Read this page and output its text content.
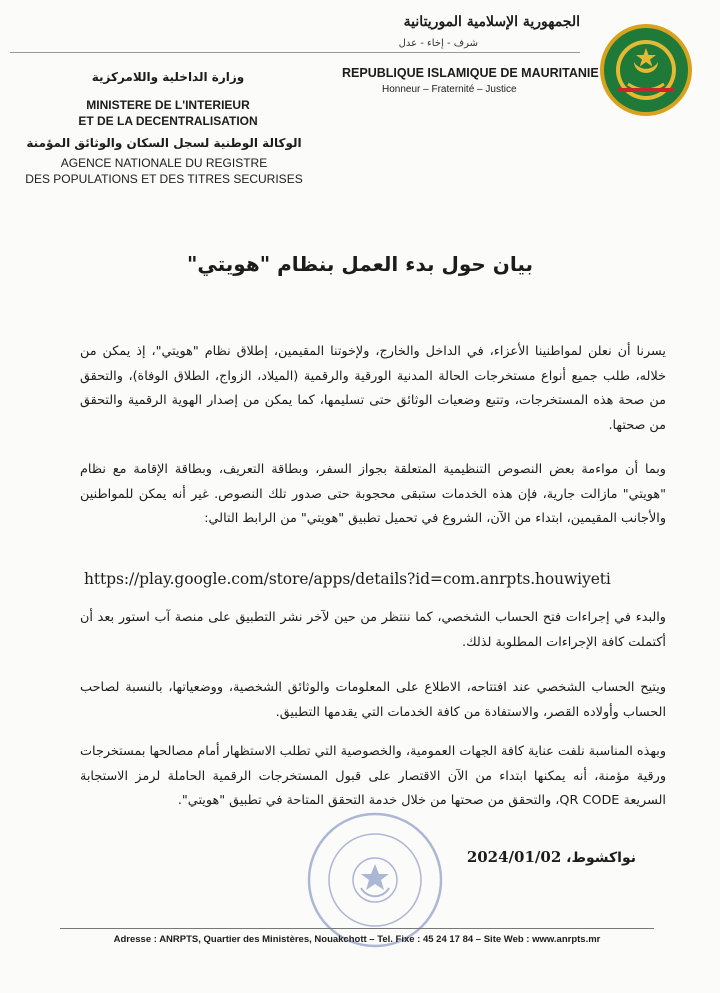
الجمهورية الإسلامية الموريتانية
شرف - إخاء - عدل
REPUBLIQUE ISLAMIQUE DE MAURITANIE
Honneur – Fraternité – Justice
وزارة الداخلية واللامركزية
MINISTERE DE L'INTERIEUR
ET DE LA DECENTRALISATION
الوكالة الوطنية لسجل السكان والوثائق المؤمنة
AGENCE NATIONALE DU REGISTRE
DES POPULATIONS ET DES TITRES SECURISES
بيان حول بدء العمل بنظام "هويتي"
يسرنا أن نعلن لمواطنينا الأعزاء، في الداخل والخارج، ولإخوتنا المقيمين، إطلاق نظام "هويتي"، إذ يمكن من خلاله، طلب جميع أنواع مستخرجات الحالة المدنية الورقية والرقمية (الميلاد، الزواج، الطلاق الوفاة)، والتحقق من صحة هذه المستخرجات، وتتبع وضعيات الوثائق حتى تسليمها، كما يمكن من إصدار الهوية الرقمية والتحقق من صحتها.
وبما أن مواءمة بعض النصوص التنظيمية المتعلقة بجواز السفر، وبطاقة التعريف، وبطاقة الإقامة مع نظام "هويتي" مازالت جارية، فإن هذه الخدمات ستبقى محجوبة حتى صدور تلك النصوص. غير أنه يمكن للمواطنين والأجانب المقيمين، ابتداء من الآن، الشروع في تحميل تطبيق "هويتي" من الرابط التالي:
https://play.google.com/store/apps/details?id=com.anrpts.houwiyeti
والبدء في إجراءات فتح الحساب الشخصي، كما ننتظر من حين لآخر نشر التطبيق على منصة آب استور بعد أن أكتملت كافة الإجراءات المطلوبة لذلك.
ويتيح الحساب الشخصي عند افتتاحه، الاطلاع على المعلومات والوثائق الشخصية، ووضعياتها، بالنسبة لصاحب الحساب وأولاده القصر، والاستفادة من كافة الخدمات التي يقدمها التطبيق.
وبهذه المناسبة نلفت عناية كافة الجهات العمومية، والخصوصية التي تطلب الاستظهار أمام مصالحها بمستخرجات ورقية مؤمنة، أنه يمكنها ابتداء من الآن الاقتصار على قبول المستخرجات الرقمية الحاملة لرمز الاستجابة السريعة QR CODE، والتحقق من صحتها من خلال خدمة التحقق المتاحة في تطبيق "هويتي".
نواكشوط، 2024/01/02
Adresse : ANRPTS, Quartier des Ministères, Nouakchott – Tel. Fixe : 45 24 17 84 – Site Web : www.anrpts.mr
